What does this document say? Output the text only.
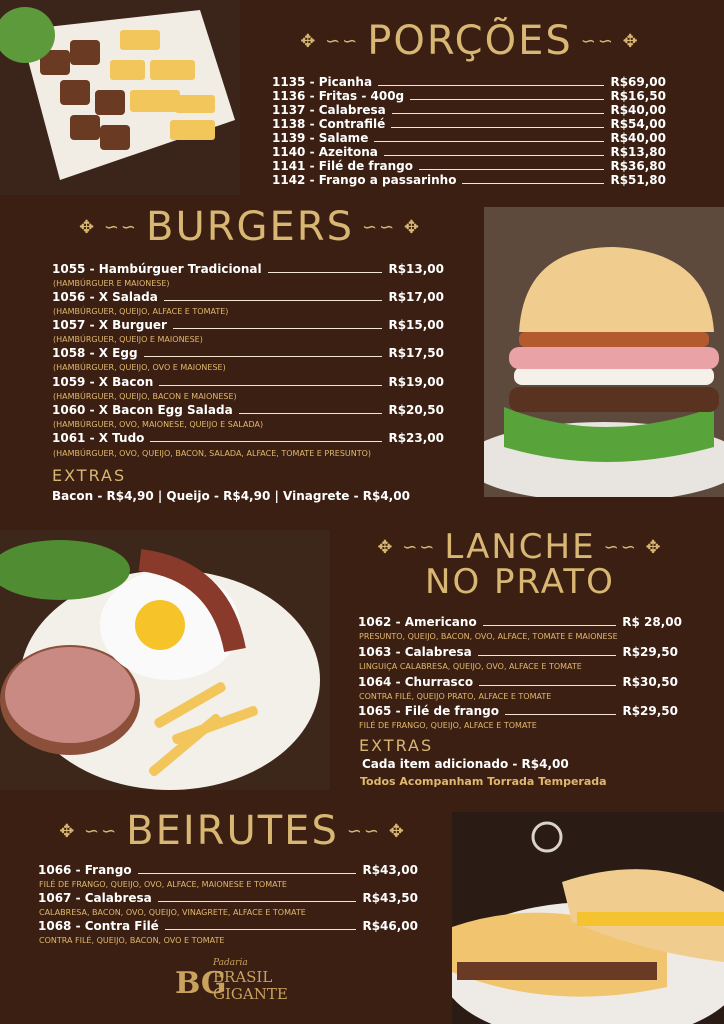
✥ ∽∽ PORÇÕES ∽∽ ✥
1135 - Picanha	R$69,00
1136 - Fritas - 400g	R$16,50
1137 - Calabresa	R$40,00
1138 - Contrafilé	R$54,00
1139 - Salame	R$40,00
1140 - Azeitona	R$13,80
1141 - Filé de frango	R$36,80
1142 - Frango a passarinho	R$51,80
✥ ∽∽ BURGERS ∽∽ ✥
1055 - Hambúrguer Tradicional	R$13,00
(HAMBÚRGUER E MAIONESE)
1056 - X Salada	R$17,00
(HAMBÚRGUER, QUEIJO, ALFACE E TOMATE)
1057 - X Burguer	R$15,00
(HAMBÚRGUER, QUEIJO E MAIONESE)
1058 - X Egg	R$17,50
(HAMBÚRGUER, QUEIJO, OVO E MAIONESE)
1059 - X Bacon	R$19,00
(HAMBÚRGUER, QUEIJO, BACON E MAIONESE)
1060 - X Bacon Egg Salada	R$20,50
(HAMBÚRGUER, OVO, MAIONESE, QUEIJO E SALADA)
1061 - X Tudo	R$23,00
(HAMBÚRGUER, OVO, QUEIJO, BACON, SALADA, ALFACE, TOMATE E PRESUNTO)
EXTRAS
Bacon - R$4,90 | Queijo - R$4,90 | Vinagrete - R$4,00
✥ ∽∽ LANCHE ∽∽ ✥
NO PRATO
1062 - Americano	R$ 28,00
PRESUNTO, QUEIJO, BACON, OVO, ALFACE, TOMATE E MAIONESE
1063 - Calabresa	R$29,50
LINGUIÇA CALABRESA, QUEIJO, OVO, ALFACE E TOMATE
1064 - Churrasco	R$30,50
CONTRA FILÉ, QUEIJO PRATO, ALFACE E TOMATE
1065 - Filé de frango	R$29,50
FILÉ DE FRANGO, QUEIJO, ALFACE E TOMATE
EXTRAS
Cada item adicionado - R$4,00
Todos Acompanham Torrada Temperada
✥ ∽∽ BEIRUTES ∽∽ ✥
1066 - Frango	R$43,00
FILÉ DE FRANGO, QUEIJO, OVO, ALFACE, MAIONESE E TOMATE
1067 - Calabresa	R$43,50
CALABRESA, BACON, OVO, QUEIJO, VINAGRETE, ALFACE E TOMATE
1068 - Contra Filé	R$46,00
CONTRA FILÉ, QUEIJO, BACON, OVO E TOMATE
BG
Padaria
BRASIL
GIGANTE
